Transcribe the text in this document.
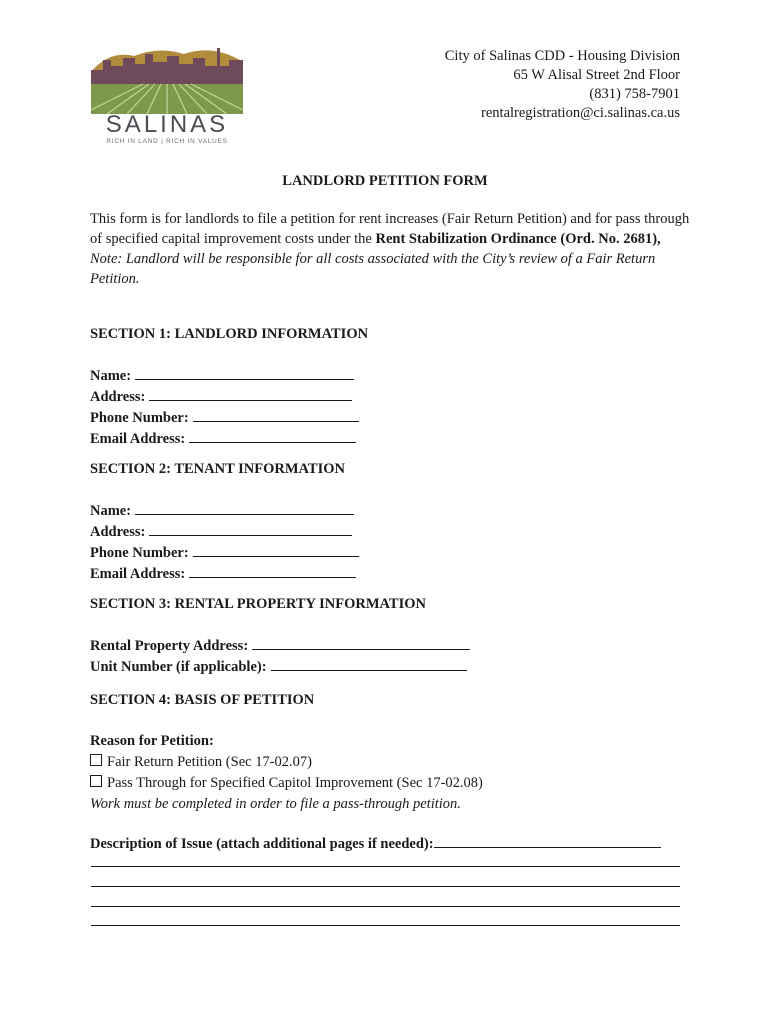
SALINAS
RICH IN LAND | RICH IN VALUES
City of Salinas CDD - Housing Division
65 W Alisal Street 2nd Floor
(831) 758-7901
rentalregistration@ci.salinas.ca.us
LANDLORD PETITION FORM
This form is for landlords to file a petition for rent increases (Fair Return Petition) and for pass through of specified capital improvement costs under the Rent Stabilization Ordinance (Ord. No. 2681), Note: Landlord will be responsible for all costs associated with the City’s review of a Fair Return Petition.
SECTION 1: LANDLORD INFORMATION
Name:
Address:
Phone Number:
Email Address:
SECTION 2: TENANT INFORMATION
Name:
Address:
Phone Number:
Email Address:
SECTION 3: RENTAL PROPERTY INFORMATION
Rental Property Address:
Unit Number (if applicable):
SECTION 4: BASIS OF PETITION
Reason for Petition:
Fair Return Petition (Sec 17-02.07)
Pass Through for Specified Capitol Improvement (Sec 17-02.08)
Work must be completed in order to file a pass-through petition.
Description of Issue (attach additional pages if needed):
